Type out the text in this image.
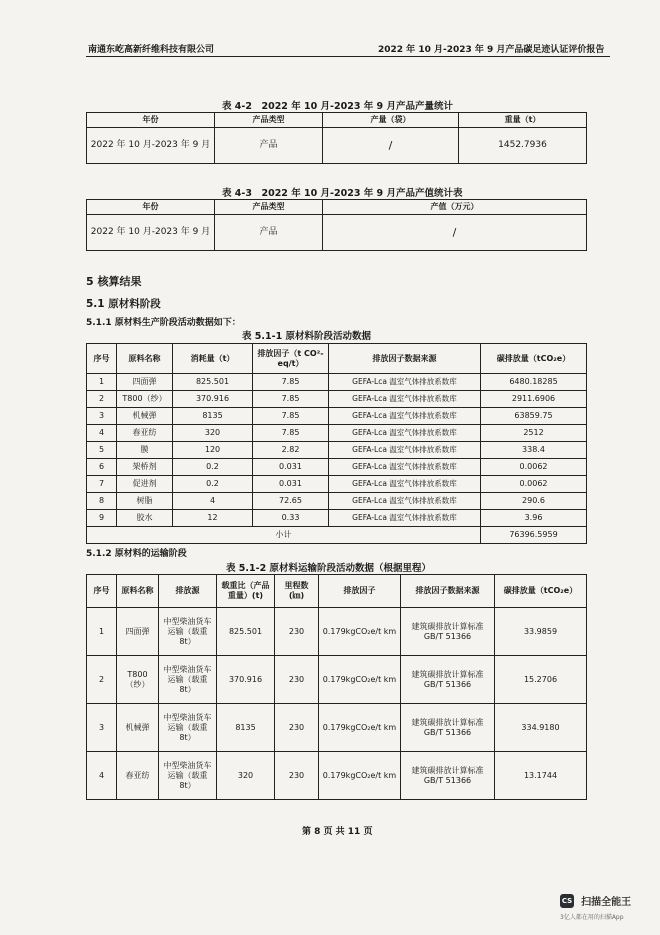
南通东屹高新纤维科技有限公司	2022 年 10 月-2023 年 9 月产品碳足迹认证评价报告
表 4-2　2022 年 10 月-2023 年 9 月产品产量统计
年份	产品类型	产量（袋）	重量（t）
2022 年 10 月-2023 年 9 月	产品	/	1452.7936
表 4-3　2022 年 10 月-2023 年 9 月产品产值统计表
年份	产品类型	产值（万元）
2022 年 10 月-2023 年 9 月	产品	/
5 核算结果
5.1 原材料阶段
5.1.1 原材料生产阶段活动数据如下：
表 5.1-1 原材料阶段活动数据
序号	原料名称	消耗量（t）	排放因子（t CO²-eq/t）	排放因子数据来源	碳排放量（tCO₂e）
1	四面弹	825.501	7.85	GEFA-Lca 温室气体排放系数库	6480.18285
2	T800（纱）	370.916	7.85	GEFA-Lca 温室气体排放系数库	2911.6906
3	机械弹	8135	7.85	GEFA-Lca 温室气体排放系数库	63859.75
4	春亚纺	320	7.85	GEFA-Lca 温室气体排放系数库	2512
5	膜	120	2.82	GEFA-Lca 温室气体排放系数库	338.4
6	架桥剂	0.2	0.031	GEFA-Lca 温室气体排放系数库	0.0062
7	促进剂	0.2	0.031	GEFA-Lca 温室气体排放系数库	0.0062
8	树脂	4	72.65	GEFA-Lca 温室气体排放系数库	290.6
9	胶水	12	0.33	GEFA-Lca 温室气体排放系数库	3.96
小计					76396.5959
5.1.2 原材料的运输阶段
表 5.1-2 原材料运输阶段活动数据（根据里程）
序号	原料名称	排放源	载重比（产品重量）(t)	里程数(㎞)	排放因子	排放因子数据来源	碳排放量（tCO₂e）
1	四面弹	中型柴油货车运输（载重 8t）	825.501	230	0.179kgCO₂e/t km	建筑碳排放计算标准 GB/T 51366	33.9859
2	T800（纱）	中型柴油货车运输（载重 8t）	370.916	230	0.179kgCO₂e/t km	建筑碳排放计算标准 GB/T 51366	15.2706
3	机械弹	中型柴油货车运输（载重 8t）	8135	230	0.179kgCO₂e/t km	建筑碳排放计算标准 GB/T 51366	334.9180
4	春亚纺	中型柴油货车运输（载重 8t）	320	230	0.179kgCO₂e/t km	建筑碳排放计算标准 GB/T 51366	13.1744
第 8 页 共 11 页
CS 扫描全能王
3亿人都在用的扫描App
